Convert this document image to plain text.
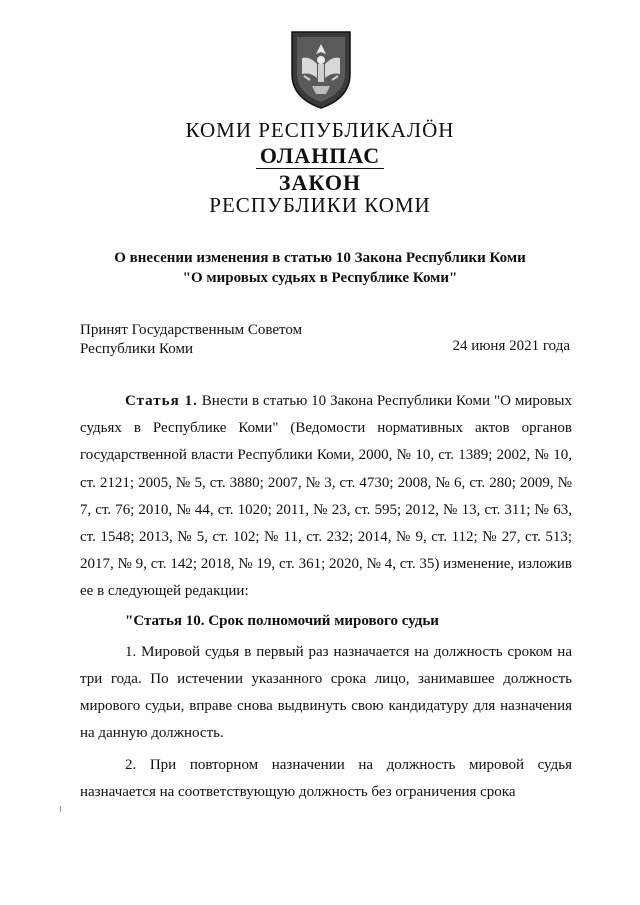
КОМИ РЕСПУБЛИКАЛӦН
ОЛАНПАС
ЗАКОН
РЕСПУБЛИКИ КОМИ
О внесении изменения в статью 10 Закона Республики Коми
"О мировых судьях в Республике Коми"
Принят Государственным Советом
Республики Коми	24 июня 2021 года

Статья 1. Внести в статью 10 Закона Республики Коми "О мировых судьях в Республике Коми" (Ведомости нормативных актов органов государственной власти Республики Коми, 2000, № 10, ст. 1389; 2002, № 10, ст. 2121; 2005, № 5, ст. 3880; 2007, № 3, ст. 4730; 2008, № 6, ст. 280; 2009, № 7, ст. 76; 2010, № 44, ст. 1020; 2011, № 23, ст. 595; 2012, № 13, ст. 311; № 63, ст. 1548; 2013, № 5, ст. 102; № 11, ст. 232; 2014, № 9, ст. 112; № 27, ст. 513; 2017, № 9, ст. 142; 2018, № 19, ст. 361; 2020, № 4, ст. 35) изменение, изложив ее в следующей редакции:

"Статья 10. Срок полномочий мирового судьи

1. Мировой судья в первый раз назначается на должность сроком на три года. По истечении указанного срока лицо, занимавшее должность мирового судьи, вправе снова выдвинуть свою кандидатуру для назначения на данную должность.

2. При повторном назначении на должность мировой судья назначается на соответствующую должность без ограничения срока
